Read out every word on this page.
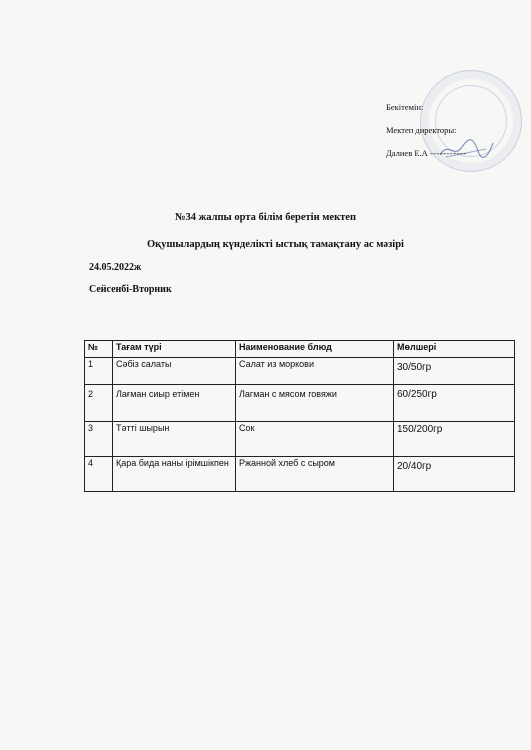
Бекітемін:
Мектеп директоры:
Далиев Е.А -----------
№34 жалпы орта білім беретін мектеп
Оқушылардың күнделікті ыстық тамақтану ас мәзірі
24.05.2022ж
Сейсенбі-Вторник
№	Тағам түрі	Наименование блюд	Мөлшері
1	Сәбіз салаты	Салат из моркови	30/50гр
2	Лағман сиыр етімен	Лагман с мясом говяжи	60/250гр
3	Тәтті шырын	Сок	150/200гр
4	Қара бида наны ірімшікпен	Ржанной хлеб с сыром	20/40гр
